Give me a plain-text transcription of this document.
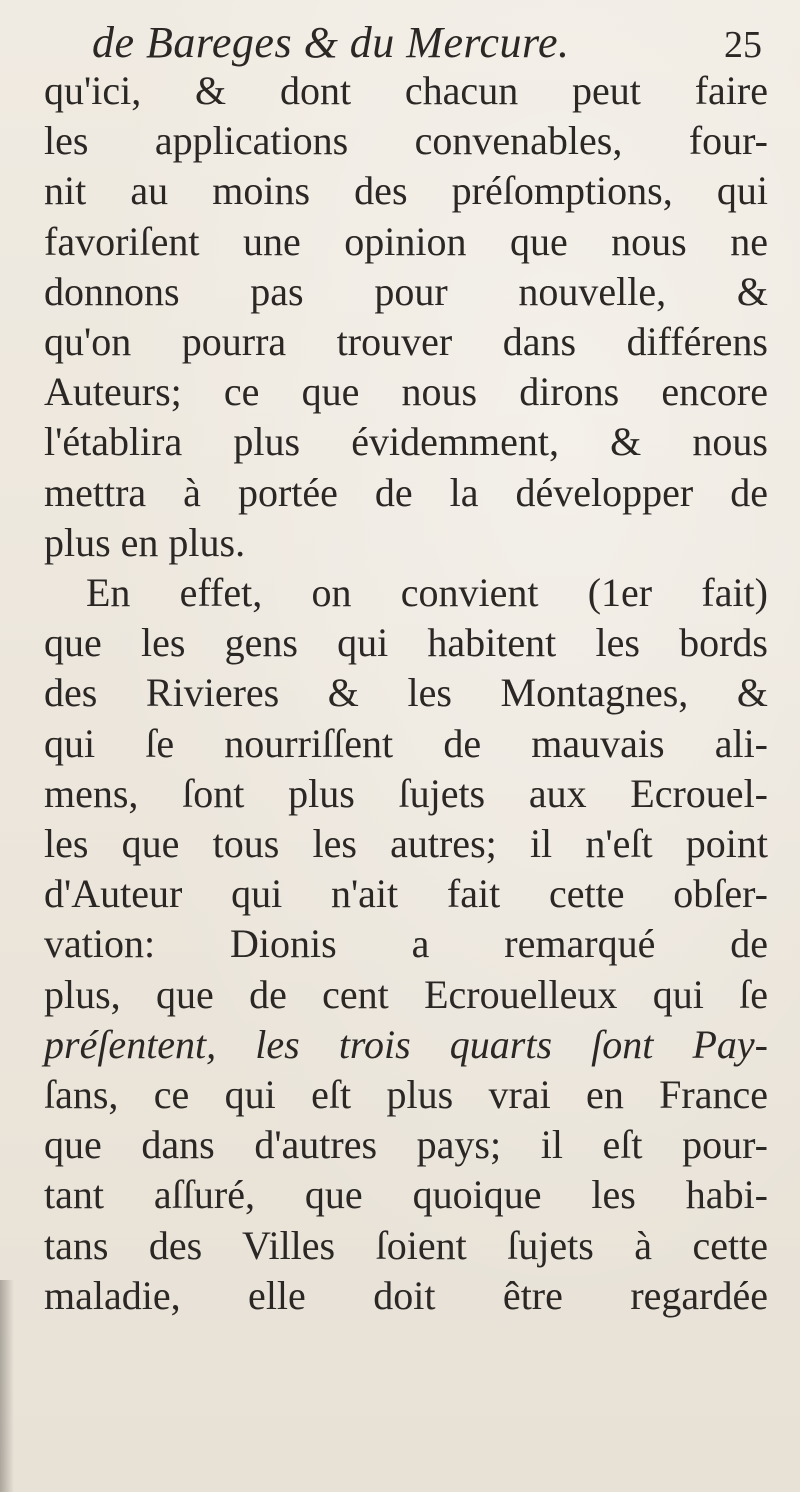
de Bareges & du Mercure.	25
qu'ici, & dont chacun peut faire
les applications convenables, four-
nit au moins des préſomptions, qui
favoriſent une opinion que nous ne
donnons pas pour nouvelle, &
qu'on pourra trouver dans différens
Auteurs; ce que nous dirons encore
l'établira plus évidemment, & nous
mettra à portée de la développer de
plus en plus.
En effet, on convient (1er fait)
que les gens qui habitent les bords
des Rivieres & les Montagnes, &
qui ſe nourriſſent de mauvais ali-
mens, ſont plus ſujets aux Ecrouel-
les que tous les autres; il n'eſt point
d'Auteur qui n'ait fait cette obſer-
vation: Dionis a remarqué de
plus, que de cent Ecrouelleux qui ſe
préſentent, les trois quarts ſont Pay-
ſans, ce qui eſt plus vrai en France
que dans d'autres pays; il eſt pour-
tant aſſuré, que quoique les habi-
tans des Villes ſoient ſujets à cette
maladie, elle doit être regardée
